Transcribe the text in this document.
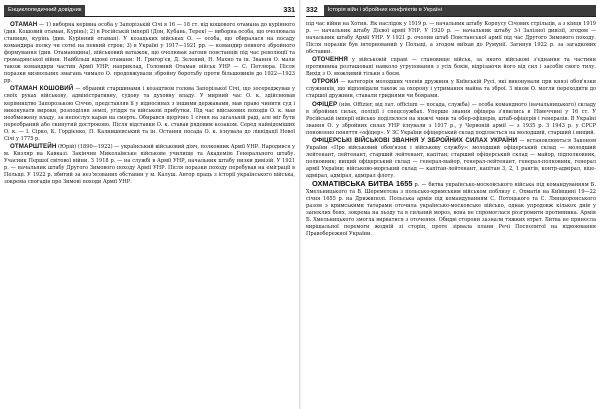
Енциклопедичний довідник	331

ОТАМАН — 1) виборна керівна особа у Запорізькій Січі в 16 — 18 ст. від кошового отамана до курінного (див. Кошовий отаман, Курінь); 2) в Російській імперії (Дон, Кубань, Терек) — виборна особа, що очолювала станицю, курінь (див. Курінний отаман). У козацьких військах О. — особа, що обиралася на посаду командира полку чи сотні на певний строк; 3) в Україні у 1917—1921 рр. — командир певного збройного формування (див. Отаманщина), військовий ватажок, що очолював загони повстанців під час революції та громадянської війни. Найбільш відомі отамани: Н. Григор'єв, Д. Зелений, Н. Махно та ін. Звання О. мали також командири частин Армії УНР; наприклад, Головний Отаман військ УНР — С. Петлюра. Після поразки визвольних змагань чимало О. продовжували збройну боротьбу проти більшовиків до 1922—1923 рр.

ОТАМАН КОШОВИЙ — обраний старшинами і козацтвом голова Запорізької Січі, що зосереджував у своїх руках військову, адміністративну, судову та духовну владу. У мирний час О. к. здійснював керівництво Запорозькою Січчю, представляв її у відносинах з іншими державами, мав право чинити суд і виконувати вироки, розподіляв землі, угіддя та військові прибутки. Під час військових походів О. к. мав необмежену владу, за непослух карав на смерть. Обирався щорічно 1 січня на загальній раді, але міг бути переобраний або скинутий достроково. Після відставки О. к. ставав рядовим козаком. Серед найвідоміших О. к. — І. Сірко, К. Гордієнко, П. Калнишевський та ін. Остання посада О. к. існувала до ліквідації Нової Січі у 1775 р.

ОТМАРШТЕЙН (Юрій) (1890—1922) — український військовий діяч, полковник Армії УНР. Народився у м. Кизляр на Кавказі. Закінчив Миколаївське військове училище та Академію Генерального штабу. Учасник Першої світової війни. З 1918 р. — на службі в Армії УНР, начальник штабу низки дивізій. У 1921 р. — начальник штабу Другого Зимового походу Армії УНР. Після поразки походу перебував на еміграції в Польщі. У 1922 р. вбитий за нез'ясованих обставин у м. Калуш. Автор праць з історії українського війська, зокрема спогадів про Зимові походи Армії УНР.

332	Історія війн і збройних конфліктів в Україні

під час війни на Хотин. Як наслідок у 1919 р. — начальник штабу Корпусу Січових стрільців, а з кінця 1919 р. — начальник штабу Дієвої армії УНР. У 1920 р. — начальник штабу 3-ї Залізної дивізії, згодом — начальник штабу Армії УНР. У 1921 р. очолив штаб Повстанської армії під час Другого Зимового походу. Після поразки був інтернований у Польщі, а згодом виїхав до Румунії. Загинув 1922 р. за загадкових обставин.

ОТОЧЕННЯ у військовій справі — становище військ, за якого військові з'єднання та частини противника розташовані навколо угруповання з усіх боків, відрізаючи його від сил і засобів свого тилу. Вихід з О. можливий тільки з боєм.

ОТРОКИ — категорія молодших членів дружини у Київській Русі, які виконували при князі обов'язки служників, що відповідали також за охорону і утримання майна та зброї. З віком О. могли переходити до старшої дружини, ставали гриднями чи боярами.

ОФІЦЕР (нім. Offizier, від лат. officium — посада, служба) — особа командного (начальницького) складу в збройних силах, поліції і спецслужбах. Уперше звання офіцера з'явились в Німеччині у 16 ст. У Російській імперії військо поділялося на нижчі чини та обер-офіцерів, штаб-офіцерів і генералів. В Україні звання О. у збройних силах УНР існували з 1917 р., у Червоній армії — з 1935 р. З 1943 р. у СРСР поновлено поняття «офіцер». У ЗС України офіцерський склад поділяється на молодший, старший і вищий.

ОФІЦЕРСЬКІ ВІЙСЬКОВІ ЗВАННЯ У ЗБРОЙНИХ СИЛАХ УКРАЇНИ — встановлюються Законом України «Про військовий обов'язок і військову службу»: молодший офіцерський склад — молодший лейтенант, лейтенант, старший лейтенант, капітан; старший офіцерський склад — майор, підполковник, полковник; вищий офіцерський склад — генерал-майор, генерал-лейтенант, генерал-полковник, генерал армії України; військово-морський склад — капітан-лейтенант, капітан 3, 2, 1 рангів, контр-адмірал, віце-адмірал, адмірал, адмірал флоту.

ОХМАТІВСЬКА БИТВА 1655 р. — битва українсько-московського війська під командуванням Б. Хмельницького та В. Шереметєва з польсько-кримським військом поблизу с. Охматів на Київщині 19—22 січня 1655 р. на Дрижиполі. Польська армія під командуванням С. Потоцького та С. Лянцкоронського разом з кримськими татарами оточила українсько-московське військо, однак упродовж кількох днів у запеклих боях, зокрема на льоду та в сильний мороз, вона не спромоглася розгромити противника. Армія Б. Хмельницького змогла вирватися з оточення. Обидві сторони зазнали тяжких втрат. Битва не принесла вирішальної перемоги жодній зі сторін, проте зірвала плани Речі Посполитої на відвоювання Правобережної України.
